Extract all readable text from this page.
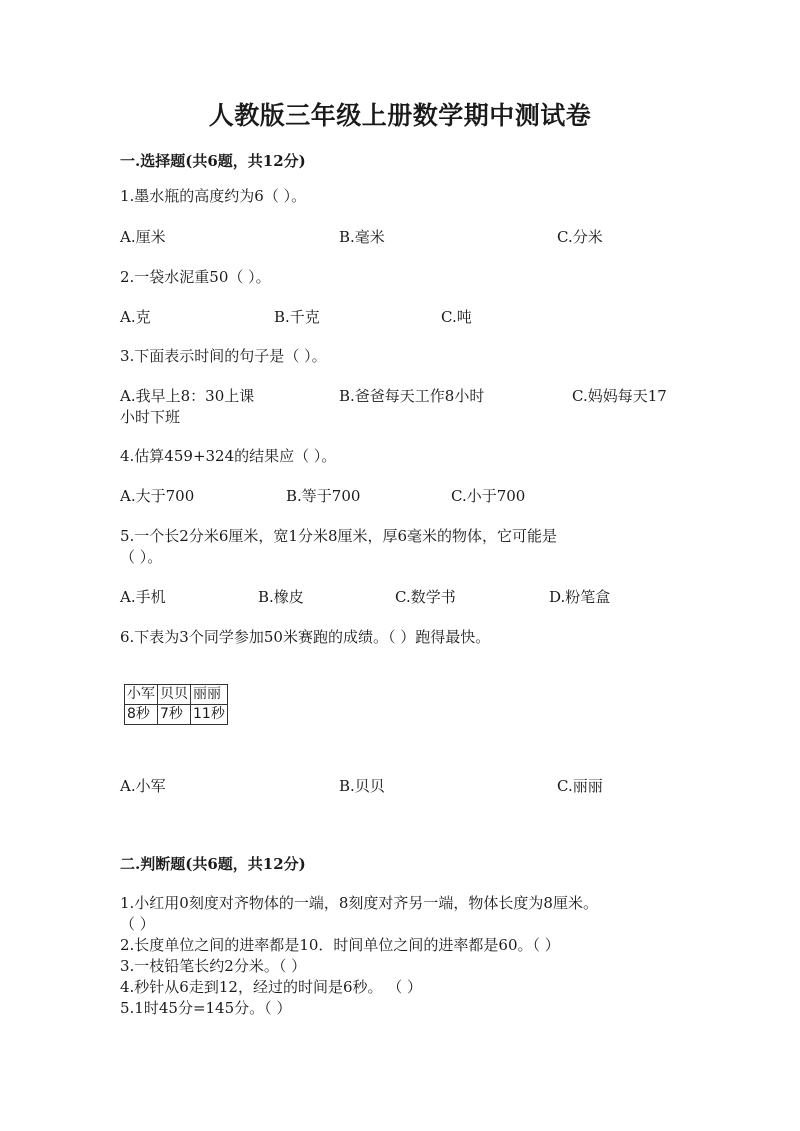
人教版三年级上册数学期中测试卷
一.选择题(共6题，共12分)
1.墨水瓶的高度约为6（ ）。
A.厘米	B.毫米	C.分米
2.一袋水泥重50（ ）。
A.克	B.千克	C.吨
3.下面表示时间的句子是（ ）。
A.我早上8：30上课	B.爸爸每天工作8小时	C.妈妈每天17
小时下班
4.估算459+324的结果应（ ）。
A.大于700	B.等于700	C.小于700
5.一个长2分米6厘米，宽1分米8厘米，厚6毫米的物体，它可能是
（ ）。
A.手机	B.橡皮	C.数学书	D.粉笔盒
6.下表为3个同学参加50米赛跑的成绩。（ ）跑得最快。
小军	贝贝	丽丽
8秒	7秒	11秒
A.小军	B.贝贝	C.丽丽
二.判断题(共6题，共12分)
1.小红用0刻度对齐物体的一端，8刻度对齐另一端，物体长度为8厘米。
（ ）
2.长度单位之间的进率都是10．时间单位之间的进率都是60。（ ）
3.一枝铅笔长约2分米。（ ）
4.秒针从6走到12，经过的时间是6秒。 （ ）
5.1时45分=145分。（ ）
